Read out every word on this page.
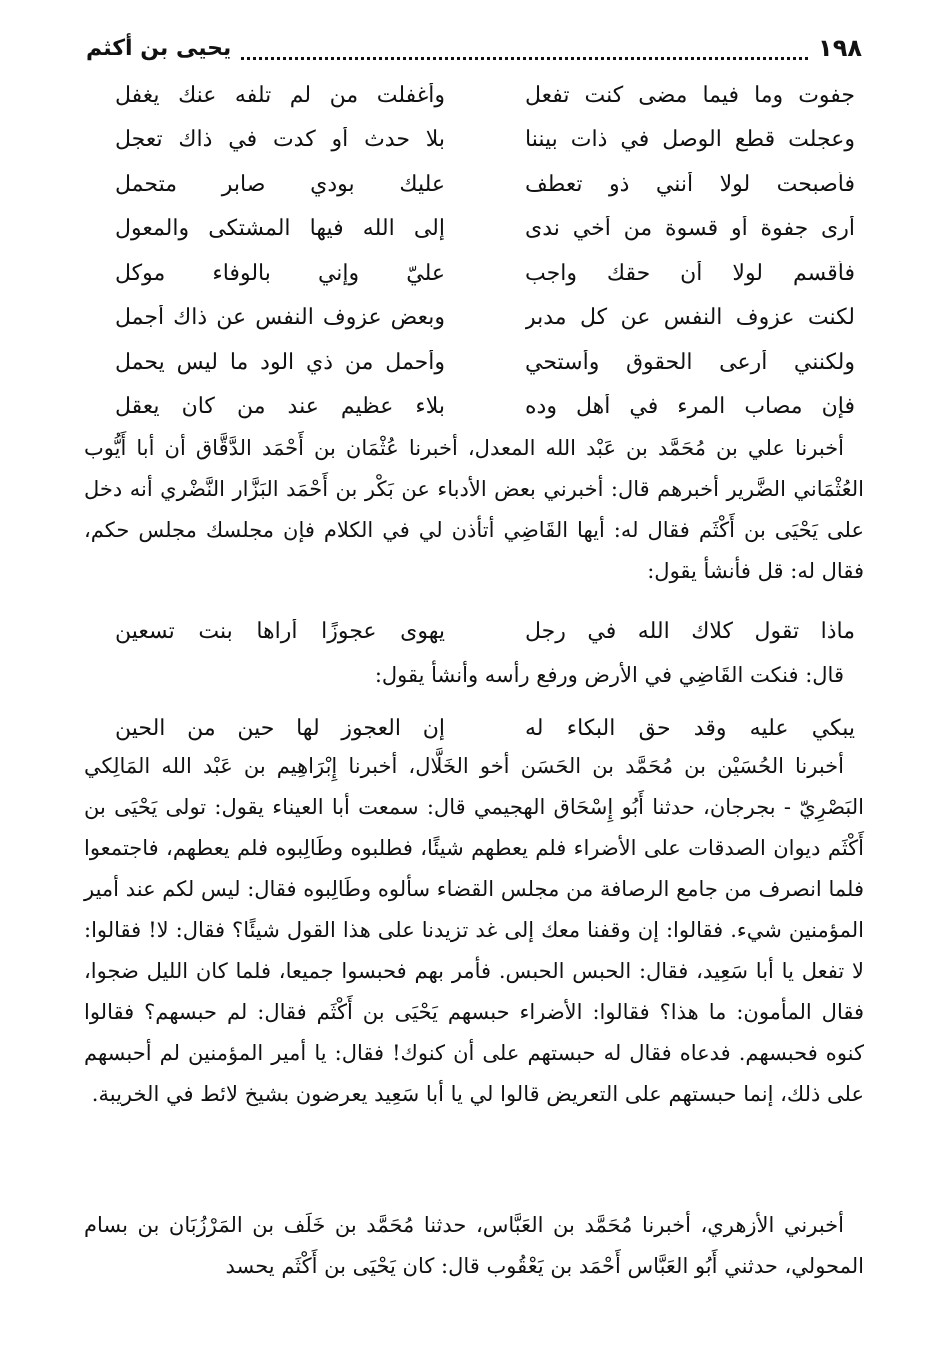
١٩٨
يحيى بن أكثم
جفوت وما فيما مضى كنت تفعل
وأغفلت من لم تلفه عنك يغفل
وعجلت قطع الوصل في ذات بيننا
بلا حدث أو كدت في ذاك تعجل
فأصبحت لولا أنني ذو تعطف
عليك بودي صابر متحمل
أرى جفوة أو قسوة من أخي ندى
إلى الله فيها المشتكى والمعول
فأقسم لولا أن حقك واجب
عليّ وإني بالوفاء موكل
لكنت عزوف النفس عن كل مدبر
وبعض عزوف النفس عن ذاك أجمل
ولكنني أرعى الحقوق وأستحي
وأحمل من ذي الود ما ليس يحمل
فإن مصاب المرء في أهل وده
بلاء عظيم عند من كان يعقل

أخبرنا علي بن مُحَمَّد بن عَبْد الله المعدل، أخبرنا عُثْمَان بن أَحْمَد الدَّقَّاق أن أبا أَيُّوب العُثْمَاني الضَّرير أخبرهم قال: أخبرني بعض الأدباء عن بَكْر بن أَحْمَد البَزَّار النَّضْري أنه دخل على يَحْيَى بن أَكْثَم فقال له: أيها القَاضِي أتأذن لي في الكلام فإن مجلسك مجلس حكم، فقال له: قل فأنشأ يقول:

ماذا تقول كلاك الله في رجل
يهوى عجوزًا أراها بنت تسعين

قال: فنكت القَاضِي في الأرض ورفع رأسه وأنشأ يقول:

يبكي عليه وقد حق البكاء له
إن العجوز لها حين من الحين

أخبرنا الحُسَيْن بن مُحَمَّد بن الحَسَن أخو الخَلَّال، أخبرنا إِبْرَاهِيم بن عَبْد الله المَالِكي البَصْرِيّ - بجرجان، حدثنا أَبُو إِسْحَاق الهجيمي قال: سمعت أبا العيناء يقول: تولى يَحْيَى بن أَكْثَم ديوان الصدقات على الأضراء فلم يعطهم شيئًا، فطلبوه وطَالِبوه فلم يعطهم، فاجتمعوا فلما انصرف من جامع الرصافة من مجلس القضاء سألوه وطَالِبوه فقال: ليس لكم عند أمير المؤمنين شيء. فقالوا: إن وقفنا معك إلى غد تزيدنا على هذا القول شيئًا؟ فقال: لا! فقالوا: لا تفعل يا أبا سَعِيد، فقال: الحبس الحبس. فأمر بهم فحبسوا جميعا، فلما كان الليل ضجوا، فقال المأمون: ما هذا؟ فقالوا: الأضراء حبسهم يَحْيَى بن أَكْثَم فقال: لم حبسهم؟ فقالوا كنوه فحبسهم. فدعاه فقال له حبستهم على أن كنوك! فقال: يا أمير المؤمنين لم أحبسهم على ذلك، إنما حبستهم على التعريض قالوا لي يا أبا سَعِيد يعرضون بشيخ لائط في الخريبة.

أخبرني الأزهري، أخبرنا مُحَمَّد بن العَبَّاس، حدثنا مُحَمَّد بن خَلَف بن المَرْزُبَان بن بسام المحولي، حدثني أَبُو العَبَّاس أَحْمَد بن يَعْقُوب قال: كان يَحْيَى بن أَكْثَم يحسد
